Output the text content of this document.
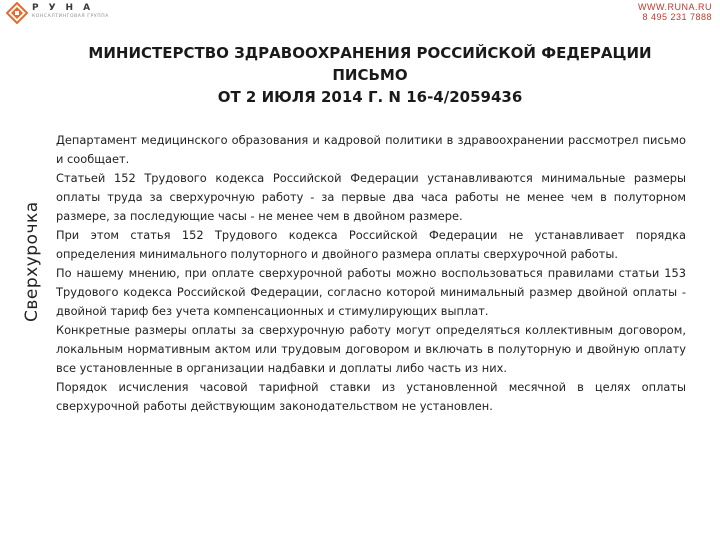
РУНА
КОНСАЛТИНГОВАЯ ГРУППА
WWW.RUNA.RU
8 495 231 7888
Сверхурочка
МИНИСТЕРСТВО ЗДРАВООХРАНЕНИЯ РОССИЙСКОЙ ФЕДЕРАЦИИ
ПИСЬМО
ОТ 2 ИЮЛЯ 2014 Г. N 16-4/2059436

Департамент медицинского образования и кадровой политики в здравоохранении рассмотрел письмо и сообщает.

Статьей 152 Трудового кодекса Российской Федерации устанавливаются минимальные размеры оплаты труда за сверхурочную работу - за первые два часа работы не менее чем в полуторном размере, за последующие часы - не менее чем в двойном размере.

При этом статья 152 Трудового кодекса Российской Федерации не устанавливает порядка определения минимального полуторного и двойного размера оплаты сверхурочной работы.

По нашему мнению, при оплате сверхурочной работы можно воспользоваться правилами статьи 153 Трудового кодекса Российской Федерации, согласно которой минимальный размер двойной оплаты - двойной тариф без учета компенсационных и стимулирующих выплат.

Конкретные размеры оплаты за сверхурочную работу могут определяться коллективным договором, локальным нормативным актом или трудовым договором и включать в полуторную и двойную оплату все установленные в организации надбавки и доплаты либо часть из них.

Порядок исчисления часовой тарифной ставки из установленной месячной в целях оплаты сверхурочной работы действующим законодательством не установлен.
